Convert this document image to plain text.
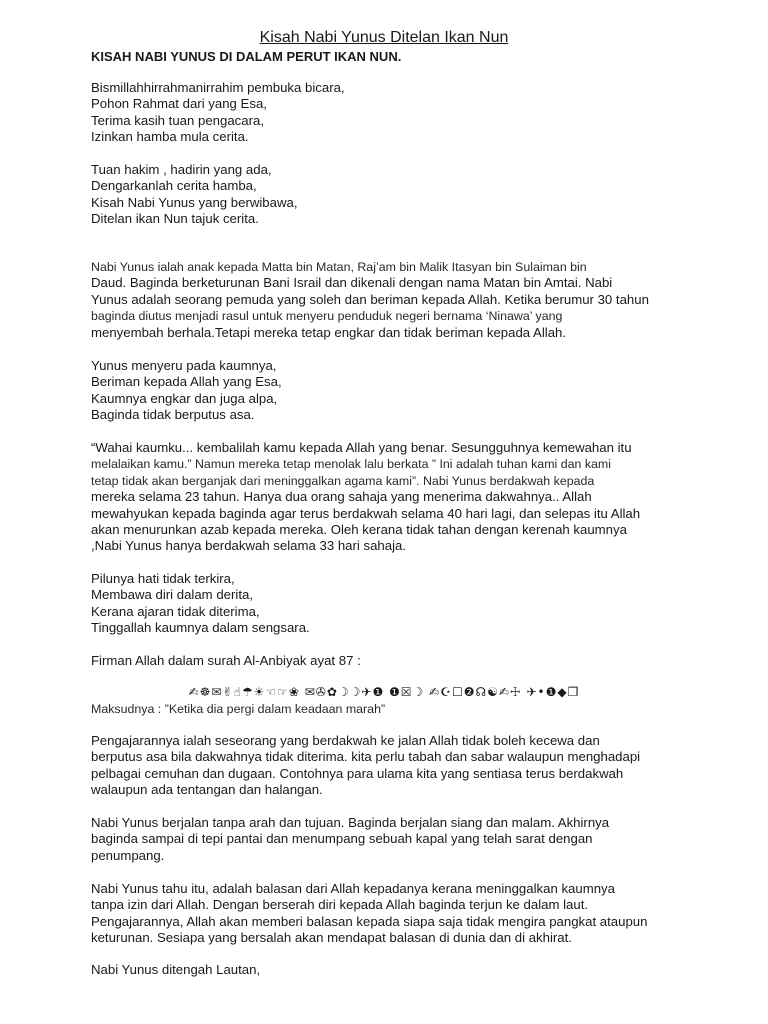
Kisah Nabi Yunus Ditelan Ikan Nun
KISAH NABI YUNUS DI DALAM PERUT IKAN NUN.
Bismillahhirrahmanirrahim pembuka bicara,
Pohon Rahmat dari yang Esa,
Terima kasih tuan pengacara,
Izinkan hamba mula cerita.
Tuan hakim , hadirin yang ada,
Dengarkanlah cerita hamba,
Kisah Nabi Yunus yang berwibawa,
Ditelan ikan Nun tajuk cerita.
Nabi Yunus ialah anak kepada Matta bin Matan, Raj’am bin Malik Itasyan bin Sulaiman bin
Daud. Baginda berketurunan Bani Israil dan dikenali dengan nama Matan bin Amtai. Nabi
Yunus adalah seorang pemuda yang soleh dan beriman kepada Allah. Ketika berumur 30 tahun
baginda diutus menjadi rasul untuk menyeru penduduk negeri bernama ‘Ninawa’ yang
menyembah berhala.Tetapi mereka tetap engkar dan tidak beriman kepada Allah.
Yunus menyeru pada kaumnya,
Beriman kepada Allah yang Esa,
Kaumnya engkar dan juga alpa,
Baginda tidak berputus asa.
“Wahai kaumku... kembalilah kamu kepada Allah yang benar. Sesungguhnya kemewahan itu
melalaikan kamu.” Namun mereka tetap menolak lalu berkata ” Ini adalah tuhan kami dan kami
tetap tidak akan berganjak dari meninggalkan agama kami”. Nabi Yunus berdakwah kepada
mereka selama 23 tahun. Hanya dua orang sahaja yang menerima dakwahnya.. Allah
mewahyukan kepada baginda agar terus berdakwah selama 40 hari lagi, dan selepas itu Allah
akan menurunkan azab kepada mereka. Oleh kerana tidak tahan dengan kerenah kaumnya
,Nabi Yunus hanya berdakwah selama 33 hari sahaja.
Pilunya hati tidak terkira,
Membawa diri dalam derita,
Kerana ajaran tidak diterima,
Tinggallah kaumnya dalam sengsara.
Firman Allah dalam surah Al-Anbiyak ayat 87 :
✍☸✉✌☝☂☀☜☞❀ ✉✇✿☽☽✈❶ ❶☒☽ ✍☪☐❷☊☯✍☩ ✈•❶◆❒
Maksudnya : ”Ketika dia pergi dalam keadaan marah”
Pengajarannya ialah seseorang yang berdakwah ke jalan Allah tidak boleh kecewa dan
berputus asa bila dakwahnya tidak diterima. kita perlu tabah dan sabar walaupun menghadapi
pelbagai cemuhan dan dugaan. Contohnya para ulama kita yang sentiasa terus berdakwah
walaupun ada tentangan dan halangan.
Nabi Yunus berjalan tanpa arah dan tujuan. Baginda berjalan siang dan malam. Akhirnya
baginda sampai di tepi pantai dan menumpang sebuah kapal yang telah sarat dengan
penumpang.
Nabi Yunus tahu itu, adalah balasan dari Allah kepadanya kerana meninggalkan kaumnya
tanpa izin dari Allah. Dengan berserah diri kepada Allah baginda terjun ke dalam laut.
Pengajarannya, Allah akan memberi balasan kepada siapa saja tidak mengira pangkat ataupun
keturunan. Sesiapa yang bersalah akan mendapat balasan di dunia dan di akhirat.
Nabi Yunus ditengah Lautan,
